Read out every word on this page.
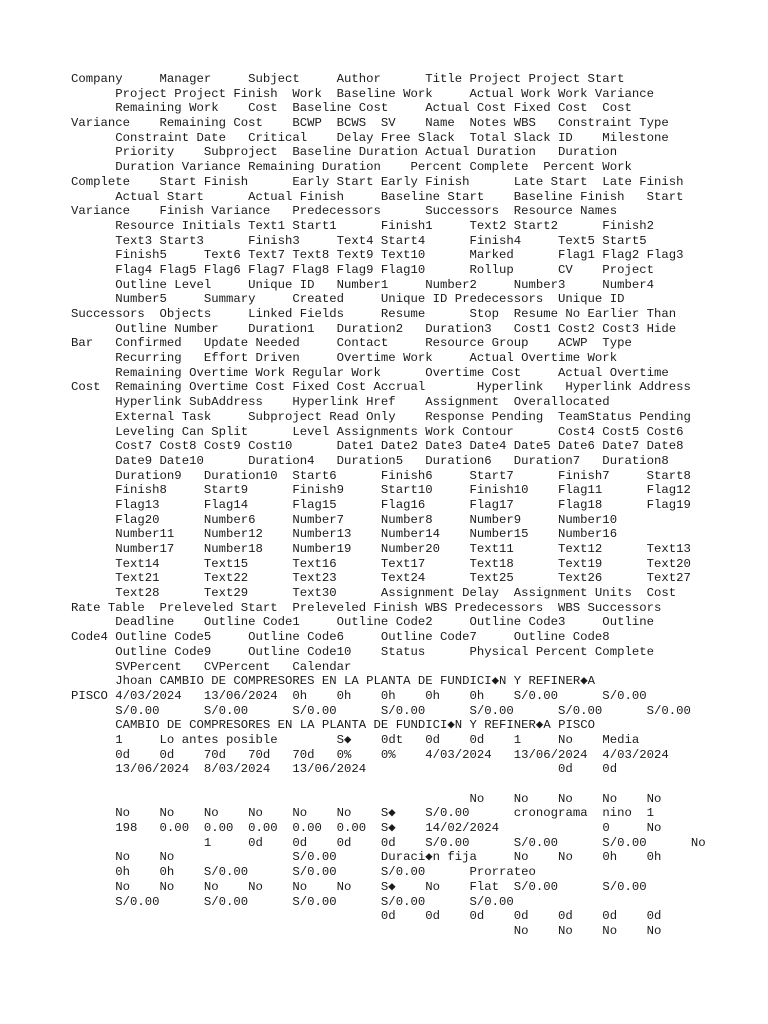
Company     Manager     Subject     Author      Title Project Project Start
Project Project Finish  Work  Baseline Work     Actual Work Work Variance
Remaining Work    Cost  Baseline Cost     Actual Cost Fixed Cost  Cost
Variance    Remaining Cost    BCWP  BCWS  SV    Name  Notes WBS   Constraint Type
Constraint Date   Critical    Delay Free Slack  Total Slack ID    Milestone
Priority    Subproject  Baseline Duration Actual Duration   Duration
Duration Variance Remaining Duration    Percent Complete  Percent Work
Complete    Start Finish      Early Start Early Finish      Late Start  Late Finish
Actual Start      Actual Finish     Baseline Start    Baseline Finish   Start
Variance    Finish Variance   Predecessors      Successors  Resource Names
Resource Initials Text1 Start1      Finish1     Text2 Start2      Finish2
Text3 Start3      Finish3     Text4 Start4      Finish4     Text5 Start5
Finish5     Text6 Text7 Text8 Text9 Text10      Marked      Flag1 Flag2 Flag3
Flag4 Flag5 Flag6 Flag7 Flag8 Flag9 Flag10      Rollup      CV    Project
Outline Level     Unique ID   Number1     Number2     Number3     Number4
Number5     Summary     Created     Unique ID Predecessors  Unique ID
Successors  Objects     Linked Fields     Resume      Stop  Resume No Earlier Than
Outline Number    Duration1   Duration2   Duration3   Cost1 Cost2 Cost3 Hide
Bar   Confirmed   Update Needed     Contact     Resource Group    ACWP  Type
Recurring   Effort Driven     Overtime Work     Actual Overtime Work
Remaining Overtime Work Regular Work      Overtime Cost     Actual Overtime
Cost  Remaining Overtime Cost Fixed Cost Accrual       Hyperlink   Hyperlink Address
Hyperlink SubAddress    Hyperlink Href    Assignment  Overallocated
External Task     Subproject Read Only    Response Pending  TeamStatus Pending
Leveling Can Split      Level Assignments Work Contour      Cost4 Cost5 Cost6
Cost7 Cost8 Cost9 Cost10      Date1 Date2 Date3 Date4 Date5 Date6 Date7 Date8
Date9 Date10      Duration4   Duration5   Duration6   Duration7   Duration8
Duration9   Duration10  Start6      Finish6     Start7      Finish7     Start8
Finish8     Start9      Finish9     Start10     Finish10    Flag11      Flag12
Flag13      Flag14      Flag15      Flag16      Flag17      Flag18      Flag19
Flag20      Number6     Number7     Number8     Number9     Number10
Number11    Number12    Number13    Number14    Number15    Number16
Number17    Number18    Number19    Number20    Text11      Text12      Text13
Text14      Text15      Text16      Text17      Text18      Text19      Text20
Text21      Text22      Text23      Text24      Text25      Text26      Text27
Text28      Text29      Text30      Assignment Delay  Assignment Units  Cost
Rate Table  Preleveled Start  Preleveled Finish WBS Predecessors  WBS Successors
Deadline    Outline Code1     Outline Code2     Outline Code3     Outline
Code4 Outline Code5     Outline Code6     Outline Code7     Outline Code8
Outline Code9     Outline Code10    Status      Physical Percent Complete
SVPercent   CVPercent   Calendar
Jhoan CAMBIO DE COMPRESORES EN LA PLANTA DE FUNDICI◆N Y REFINER◆A
PISCO 4/03/2024   13/06/2024  0h    0h    0h    0h    0h    S/0.00      S/0.00
S/0.00      S/0.00      S/0.00      S/0.00      S/0.00      S/0.00      S/0.00
CAMBIO DE COMPRESORES EN LA PLANTA DE FUNDICI◆N Y REFINER◆A PISCO
1     Lo antes posible        S◆    0dt   0d    0d    1     No    Media
0d    0d    70d   70d   70d   0%    0%    4/03/2024   13/06/2024  4/03/2024
13/06/2024  8/03/2024   13/06/2024                          0d    0d
No    No    No    No    No
No    No    No    No    No    No    S◆    S/0.00      cronograma  nino  1
198   0.00  0.00  0.00  0.00  0.00  S◆    14/02/2024              0     No
1     0d    0d    0d    0d    S/0.00      S/0.00      S/0.00      No
No    No                S/0.00      Duraci◆n fija     No    No    0h    0h
0h    0h    S/0.00      S/0.00      S/0.00      Prorrateo
No    No    No    No    No    No    S◆    No    Flat  S/0.00      S/0.00
S/0.00      S/0.00      S/0.00      S/0.00      S/0.00
0d    0d    0d    0d    0d    0d    0d
No    No    No    No
